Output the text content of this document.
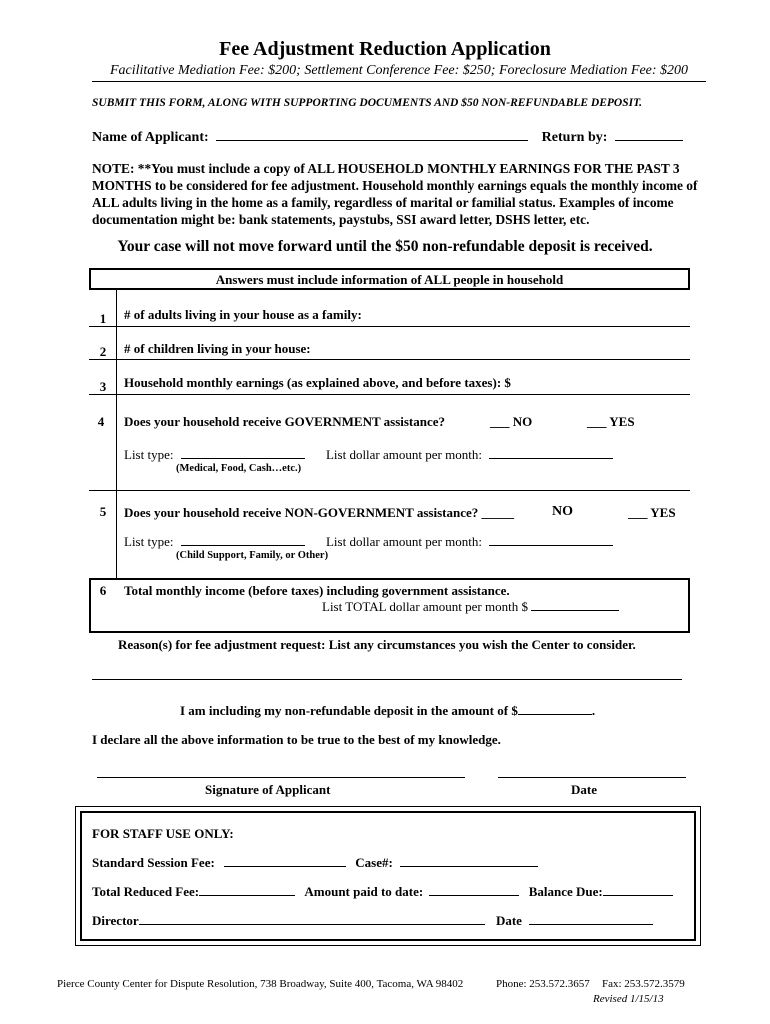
Fee Adjustment Reduction Application
Facilitative Mediation Fee: $200; Settlement Conference Fee: $250; Foreclosure Mediation Fee: $200
SUBMIT THIS FORM, ALONG WITH SUPPORTING DOCUMENTS AND $50 NON-REFUNDABLE DEPOSIT.
Name of Applicant:	Return by:
NOTE: **You must include a copy of ALL HOUSEHOLD MONTHLY EARNINGS FOR THE PAST 3 MONTHS to be considered for fee adjustment. Household monthly earnings equals the monthly income of ALL adults living in the home as a family, regardless of marital or familial status. Examples of income documentation might be: bank statements, paystubs, SSI award letter, DSHS letter, etc.
Your case will not move forward until the $50 non-refundable deposit is received.
Answers must include information of ALL people in household
1	# of adults living in your house as a family:
2	# of children living in your house:
3	Household monthly earnings (as explained above, and before taxes): $
4	Does your household receive GOVERNMENT assistance?	___ NO	___ YES
List type:	List dollar amount per month:
(Medical, Food, Cash…etc.)
5	Does your household receive NON-GOVERNMENT assistance? _____	NO	___ YES
List type:	List dollar amount per month:
(Child Support, Family, or Other)
6	Total monthly income (before taxes) including government assistance.
List TOTAL dollar amount per month $
Reason(s) for fee adjustment request: List any circumstances you wish the Center to consider.
I am including my non-refundable deposit in the amount of $	.
I declare all the above information to be true to the best of my knowledge.
Signature of Applicant	Date
FOR STAFF USE ONLY:
Standard Session Fee:	Case#:
Total Reduced Fee:	Amount paid to date:	Balance Due:
Director	Date
Pierce County Center for Dispute Resolution, 738 Broadway, Suite 400, Tacoma, WA 98402	Phone: 253.572.3657 Fax: 253.572.3579
Revised 1/15/13
